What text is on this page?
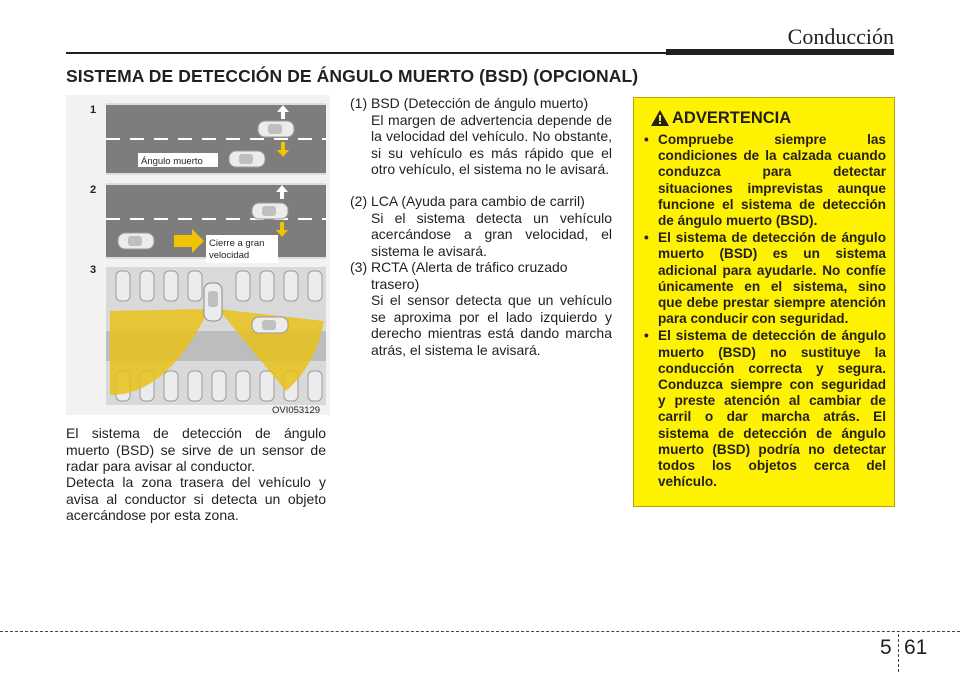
Conducción
SISTEMA DE DETECCIÓN DE ÁNGULO MUERTO (BSD) (OPCIONAL)
Ángulo muerto
1
Cierre a gran
velocidad
2
3
OVI053129
El sistema de detección de ángulo muerto (BSD) se sirve de un sensor de radar para avisar al conductor.
Detecta la zona trasera del vehículo y avisa al conductor si detecta un objeto acercándose por esta zona.
(1) BSD (Detección de ángulo muerto)
El margen de advertencia depende de la velocidad del vehículo. No obstante, si su vehículo es más rápido que el otro vehículo, el sistema no le avisará.
(2) LCA (Ayuda para cambio de carril)
Si el sistema detecta un vehículo acercándose a gran velocidad, el sistema le avisará.
(3) RCTA (Alerta de tráfico cruzado
trasero)
Si el sensor detecta que un vehículo se aproxima por el lado izquierdo y derecho mientras está dando marcha atrás, el sistema le avisará.
ADVERTENCIA
• Compruebe siempre las condiciones de la calzada cuando conduzca para detectar situaciones imprevistas aunque funcione el sistema de detección de ángulo muerto (BSD).
• El sistema de detección de ángulo muerto (BSD) es un sistema adicional para ayudarle. No confíe únicamente en el sistema, sino que debe prestar siempre atención para conducir con seguridad.
• El sistema de detección de ángulo muerto (BSD) no sustituye la conducción correcta y segura. Conduzca siempre con seguridad y preste atención al cambiar de carril o dar marcha atrás. El sistema de detección de ángulo muerto (BSD) podría no detectar todos los objetos cerca del vehículo.
5 61
